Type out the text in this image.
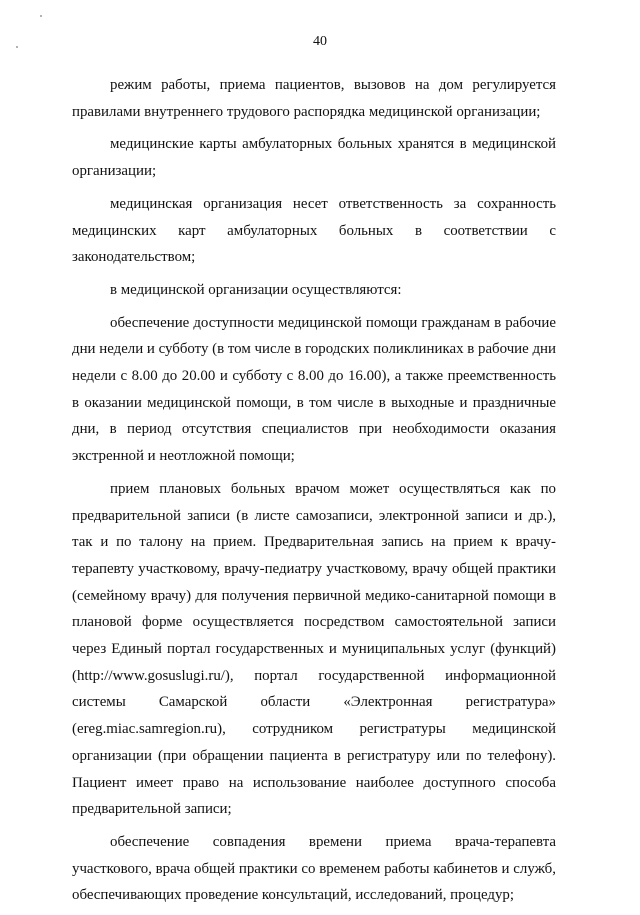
40

режим работы, приема пациентов, вызовов на дом регулируется правилами внутреннего трудового распорядка медицинской организации;

медицинские карты амбулаторных больных хранятся в медицинской организации;

медицинская организация несет ответственность за сохранность медицинских карт амбулаторных больных в соответствии с законодательством;

в медицинской организации осуществляются:

обеспечение доступности медицинской помощи гражданам в рабочие дни недели и субботу (в том числе в городских поликлиниках в рабочие дни недели с 8.00 до 20.00 и субботу с 8.00 до 16.00), а также преемственность в оказании медицинской помощи, в том числе в выходные и праздничные дни, в период отсутствия специалистов при необходимости оказания экстренной и неотложной помощи;

прием плановых больных врачом может осуществляться как по предварительной записи (в листе самозаписи, электронной записи и др.), так и по талону на прием. Предварительная запись на прием к врачу-терапевту участковому, врачу-педиатру участковому, врачу общей практики (семейному врачу) для получения первичной медико-санитарной помощи в плановой форме осуществляется посредством самостоятельной записи через Единый портал государственных и муниципальных услуг (функций) (http://www.gosuslugi.ru/), портал государственной информационной системы Самарской области «Электронная регистратура» (ereg.miac.samregion.ru), сотрудником регистратуры медицинской организации (при обращении пациента в регистратуру или по телефону). Пациент имеет право на использование наиболее доступного способа предварительной записи;

обеспечение совпадения времени приема врача-терапевта участкового, врача общей практики со временем работы кабинетов и служб, обеспечивающих проведение консультаций, исследований, процедур;
